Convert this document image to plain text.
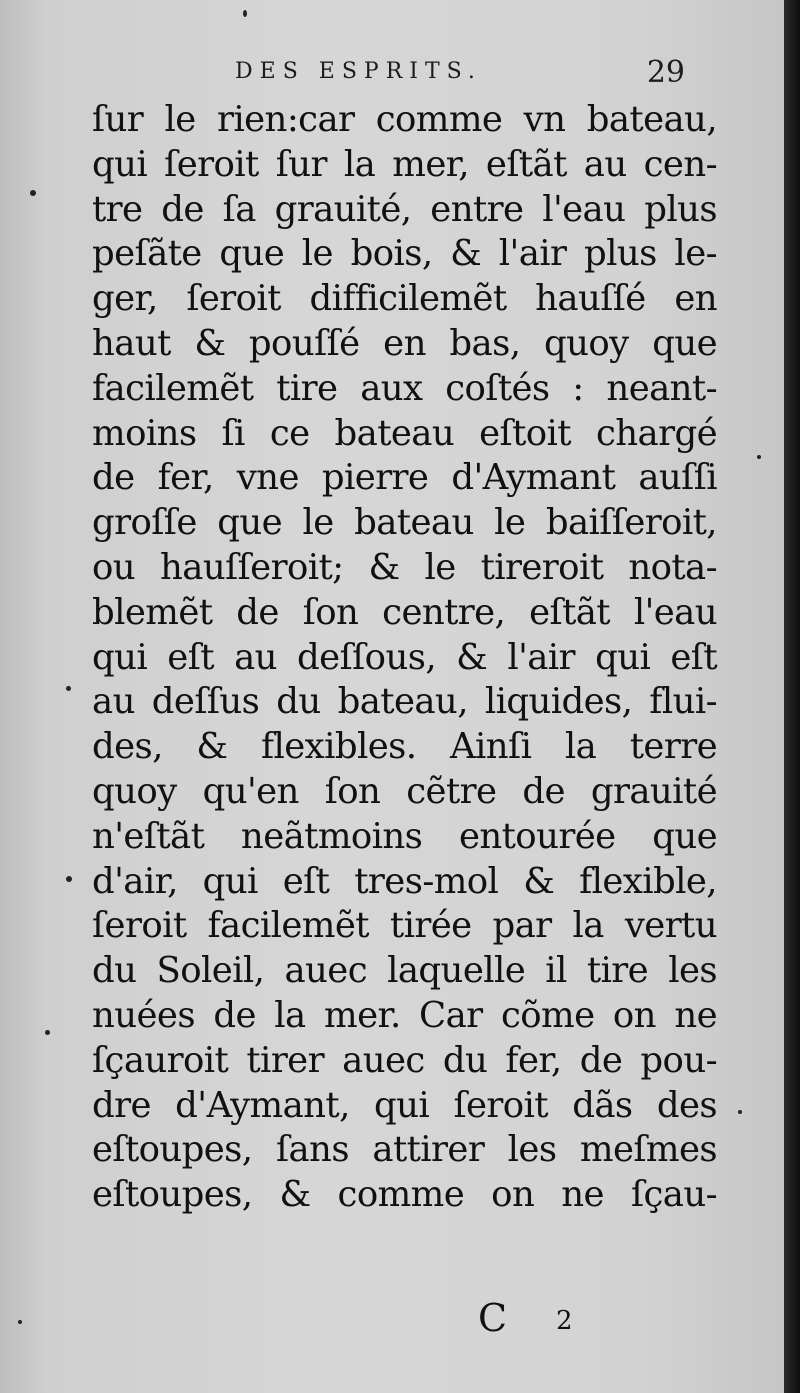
DES ESPRITS.	29
ſur le rien:car comme vn bateau,
qui ſeroit ſur la mer, eſtãt au cen-
tre de ſa grauité, entre l'eau plus
peſãte que le bois, & l'air plus le-
ger, ſeroit difficilemẽt hauſſé en
haut & pouſſé en bas, quoy que
facilemẽt tire aux coſtés : neant-
moins ſi ce bateau eſtoit chargé
de fer, vne pierre d'Aymant auſſi
groſſe que le bateau le baiſſeroit,
ou hauſſeroit; & le tireroit nota-
blemẽt de ſon centre, eſtãt l'eau
qui eſt au deſſous, & l'air qui eſt
au deſſus du bateau, liquides, flui-
des, & flexibles. Ainſi la terre
quoy qu'en ſon cẽtre de grauité
n'eſtãt neãtmoins entourée que
d'air, qui eſt tres-mol & flexible,
ſeroit facilemẽt tirée par la vertu
du Soleil, auec laquelle il tire les
nuées de la mer. Car cõme on ne
ſçauroit tirer auec du fer, de pou-
dre d'Aymant, qui ſeroit dãs des
eſtoupes, ſans attirer les meſmes
eſtoupes, & comme on ne ſçau-
C 2
